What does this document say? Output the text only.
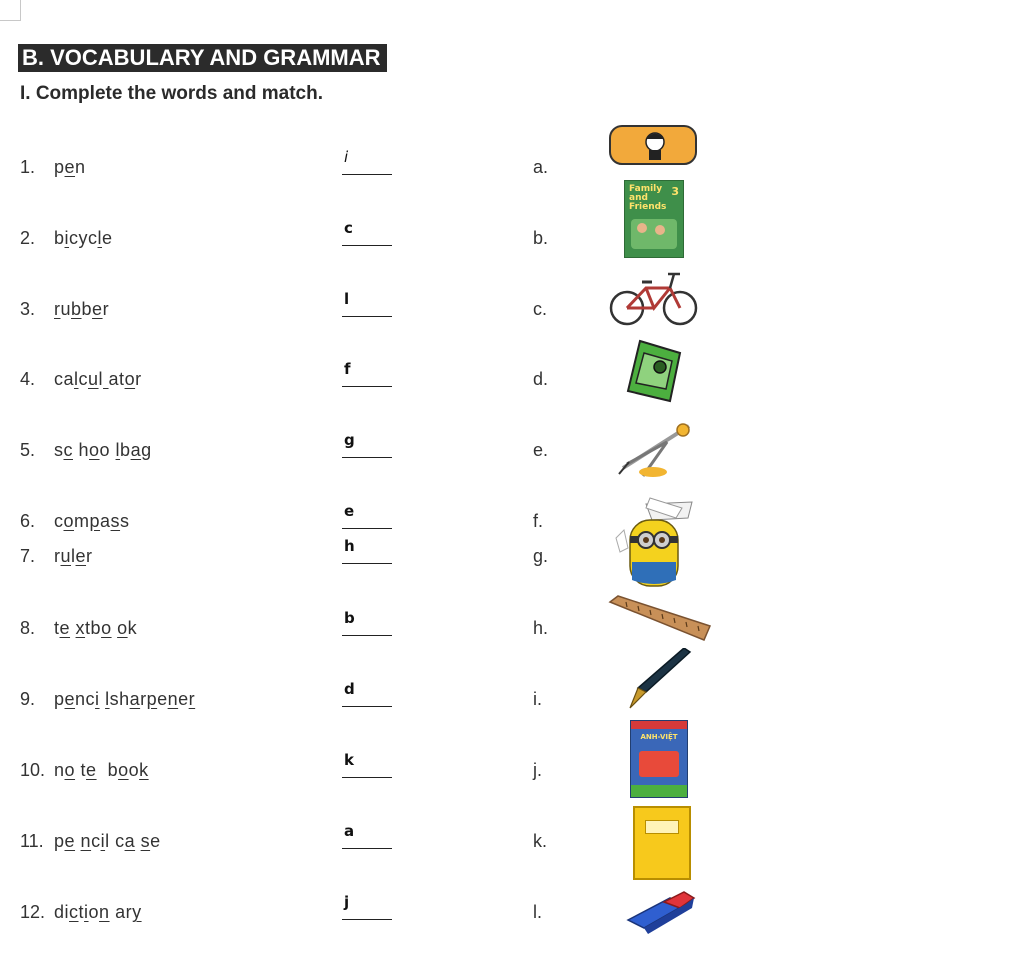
B. VOCABULARY AND GRAMMAR
I. Complete the words and match.
1. pen	i	a.
2. bicycle	c	b.
3. rubber	l	c.
4. calcul ator	f	d.
5. sc hoo lbag	g	e.
6. compass	e	f.
7. ruler	h	g.
8. te xtbo ok	b	h.
9. penci lsharpener	d	i.
10. no te  book	k	j.
11. pe ncil ca se	a	k.
12. diction ary	j	l.
Family and Friends
3
ANH-VIỆT
